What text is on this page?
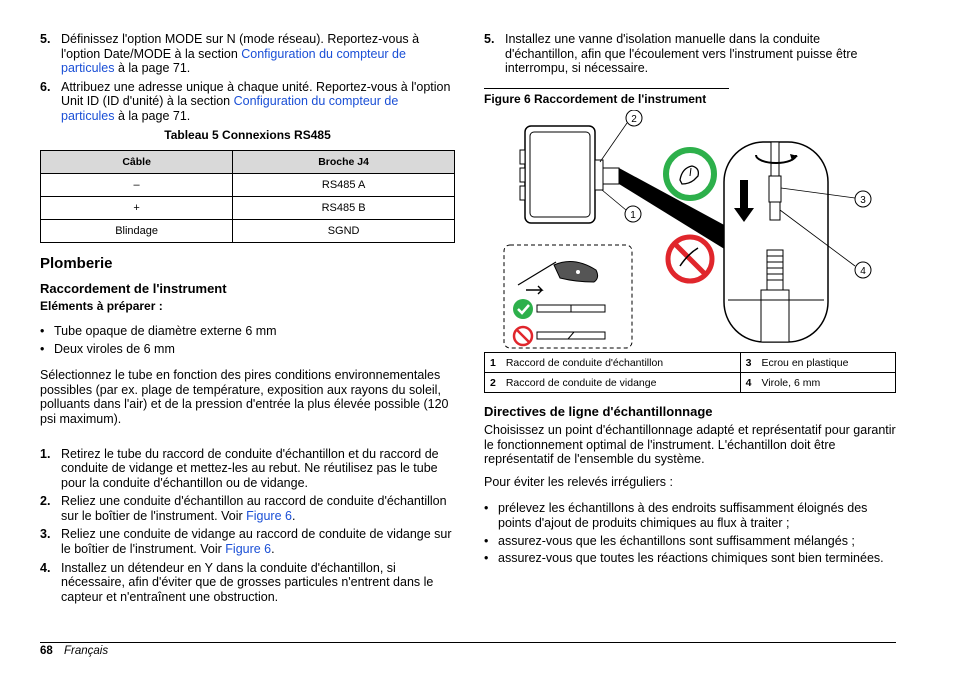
5. Définissez l'option MODE sur N (mode réseau). Reportez-vous à l'option Date/MODE à la section Configuration du compteur de particules à la page 71.
6. Attribuez une adresse unique à chaque unité. Reportez-vous à l'option Unit ID (ID d'unité) à la section Configuration du compteur de particules à la page 71.
Tableau 5 Connexions RS485
Câble	Broche J4
–	RS485 A
+	RS485 B
Blindage	SGND
Plomberie
Raccordement de l'instrument
Eléments à préparer :
• Tube opaque de diamètre externe 6 mm
• Deux viroles de 6 mm

Sélectionnez le tube en fonction des pires conditions environnementales possibles (par ex. plage de température, exposition aux rayons du soleil, polluants dans l'air) et de la pression d'entrée la plus élevée possible (120 psi maximum).

1. Retirez le tube du raccord de conduite d'échantillon et du raccord de conduite de vidange et mettez-les au rebut. Ne réutilisez pas le tube pour la conduite d'échantillon ou de vidange.
2. Reliez une conduite d'échantillon au raccord de conduite d'échantillon sur le boîtier de l'instrument. Voir Figure 6.
3. Reliez une conduite de vidange au raccord de conduite de vidange sur le boîtier de l'instrument. Voir Figure 6.
4. Installez un détendeur en Y dans la conduite d'échantillon, si nécessaire, afin d'éviter que de grosses particules n'entrent dans le capteur et n'entraînent une obstruction.
5. Installez une vanne d'isolation manuelle dans la conduite d'échantillon, afin que l'écoulement vers l'instrument puisse être interrompu, si nécessaire.
Figure 6 Raccordement de l'instrument
1
2
3
4
1	Raccord de conduite d'échantillon	3	Ecrou en plastique
2	Raccord de conduite de vidange	4	Virole, 6 mm
Directives de ligne d'échantillonnage

Choisissez un point d'échantillonnage adapté et représentatif pour garantir le fonctionnement optimal de l'instrument. L'échantillon doit être représentatif de l'ensemble du système.

Pour éviter les relevés irréguliers :

• prélevez les échantillons à des endroits suffisamment éloignés des points d'ajout de produits chimiques au flux à traiter ;
• assurez-vous que les échantillons sont suffisamment mélangés ;
• assurez-vous que toutes les réactions chimiques sont bien terminées.
68 Français
